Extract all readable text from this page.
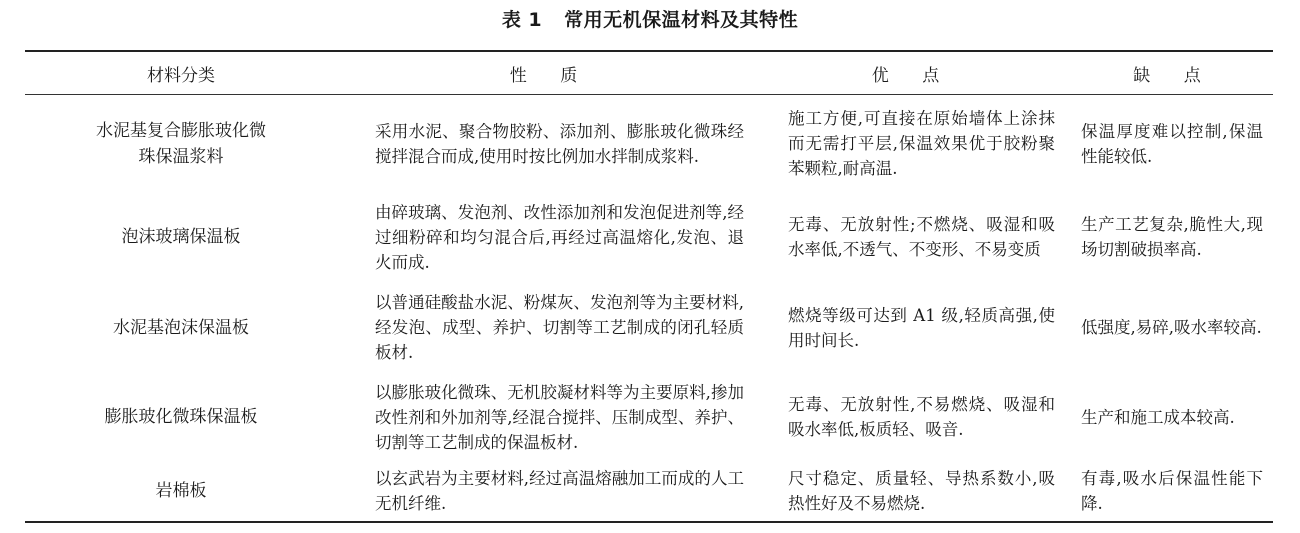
表 1 常用无机保温材料及其特性
材料分类	性 质	优 点	缺 点

水泥基复合膨胀玻化微珠保温浆料	采用水泥、聚合物胶粉、添加剂、膨胀玻化微珠经搅拌混合而成,使用时按比例加水拌制成浆料.	施工方便,可直接在原始墙体上涂抹而无需打平层,保温效果优于胶粉聚苯颗粒,耐高温.	保温厚度难以控制,保温性能较低.
泡沫玻璃保温板	由碎玻璃、发泡剂、改性添加剂和发泡促进剂等,经过细粉碎和均匀混合后,再经过高温熔化,发泡、退火而成.	无毒、无放射性;不燃烧、吸湿和吸水率低,不透气、不变形、不易变质	生产工艺复杂,脆性大,现场切割破损率高.
水泥基泡沫保温板	以普通硅酸盐水泥、粉煤灰、发泡剂等为主要材料,经发泡、成型、养护、切割等工艺制成的闭孔轻质板材.	燃烧等级可达到 A1 级,轻质高强,使用时间长.	低强度,易碎,吸水率较高.
膨胀玻化微珠保温板	以膨胀玻化微珠、无机胶凝材料等为主要原料,掺加改性剂和外加剂等,经混合搅拌、压制成型、养护、切割等工艺制成的保温板材.	无毒、无放射性,不易燃烧、吸湿和吸水率低,板质轻、吸音.	生产和施工成本较高.
岩棉板	以玄武岩为主要材料,经过高温熔融加工而成的人工无机纤维.	尺寸稳定、质量轻、导热系数小,吸热性好及不易燃烧.	有毒,吸水后保温性能下降.
